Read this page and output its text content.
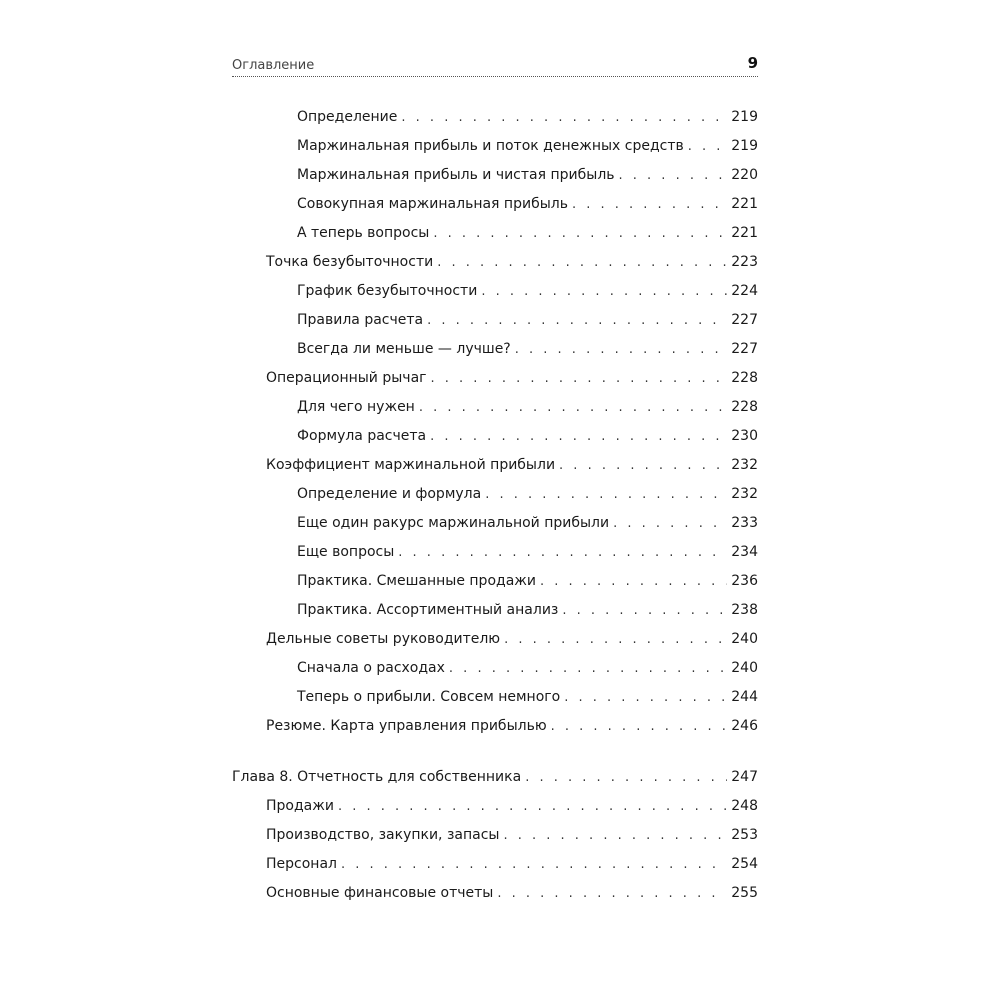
Оглавление	9
Определение . . .	219
Маржинальная прибыль и поток денежных средств . . .	219
Маржинальная прибыль и чистая прибыль . . .	220
Совокупная маржинальная прибыль . . .	221
А теперь вопросы . . .	221
Точка безубыточности . . .	223
График безубыточности . . .	224
Правила расчета . . .	227
Всегда ли меньше — лучше? . . .	227
Операционный рычаг . . .	228
Для чего нужен . . .	228
Формула расчета . . .	230
Коэффициент маржинальной прибыли . . .	232
Определение и формула . . .	232
Еще один ракурс маржинальной прибыли . . .	233
Еще вопросы . . .	234
Практика. Смешанные продажи . . .	236
Практика. Ассортиментный анализ . . .	238
Дельные советы руководителю . . .	240
Сначала о расходах . . .	240
Теперь о прибыли. Совсем немного . . .	244
Резюме. Карта управления прибылью . . .	246
Глава 8. Отчетность для собственника . . .	247
Продажи . . .	248
Производство, закупки, запасы . . .	253
Персонал . . .	254
Основные финансовые отчеты . . .	255
